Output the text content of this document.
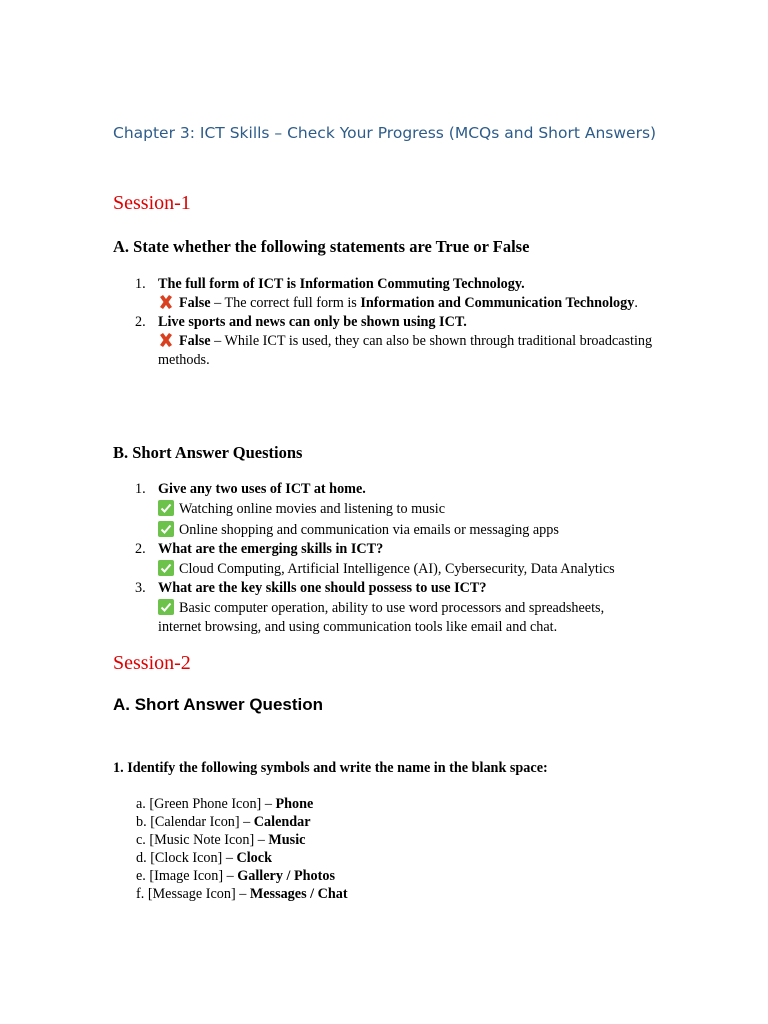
Chapter 3: ICT Skills – Check Your Progress (MCQs and Short Answers)
Session-1
A. State whether the following statements are True or False
1. The full form of ICT is Information Commuting Technology.
False – The correct full form is Information and Communication Technology.
2. Live sports and news can only be shown using ICT.
False – While ICT is used, they can also be shown through traditional broadcasting methods.
B. Short Answer Questions
1. Give any two uses of ICT at home.
Watching online movies and listening to music
Online shopping and communication via emails or messaging apps
2. What are the emerging skills in ICT?
Cloud Computing, Artificial Intelligence (AI), Cybersecurity, Data Analytics
3. What are the key skills one should possess to use ICT?
Basic computer operation, ability to use word processors and spreadsheets, internet browsing, and using communication tools like email and chat.
Session-2
A. Short Answer Question
1. Identify the following symbols and write the name in the blank space:
a. [Green Phone Icon] – Phone
b. [Calendar Icon] – Calendar
c. [Music Note Icon] – Music
d. [Clock Icon] – Clock
e. [Image Icon] – Gallery / Photos
f. [Message Icon] – Messages / Chat
